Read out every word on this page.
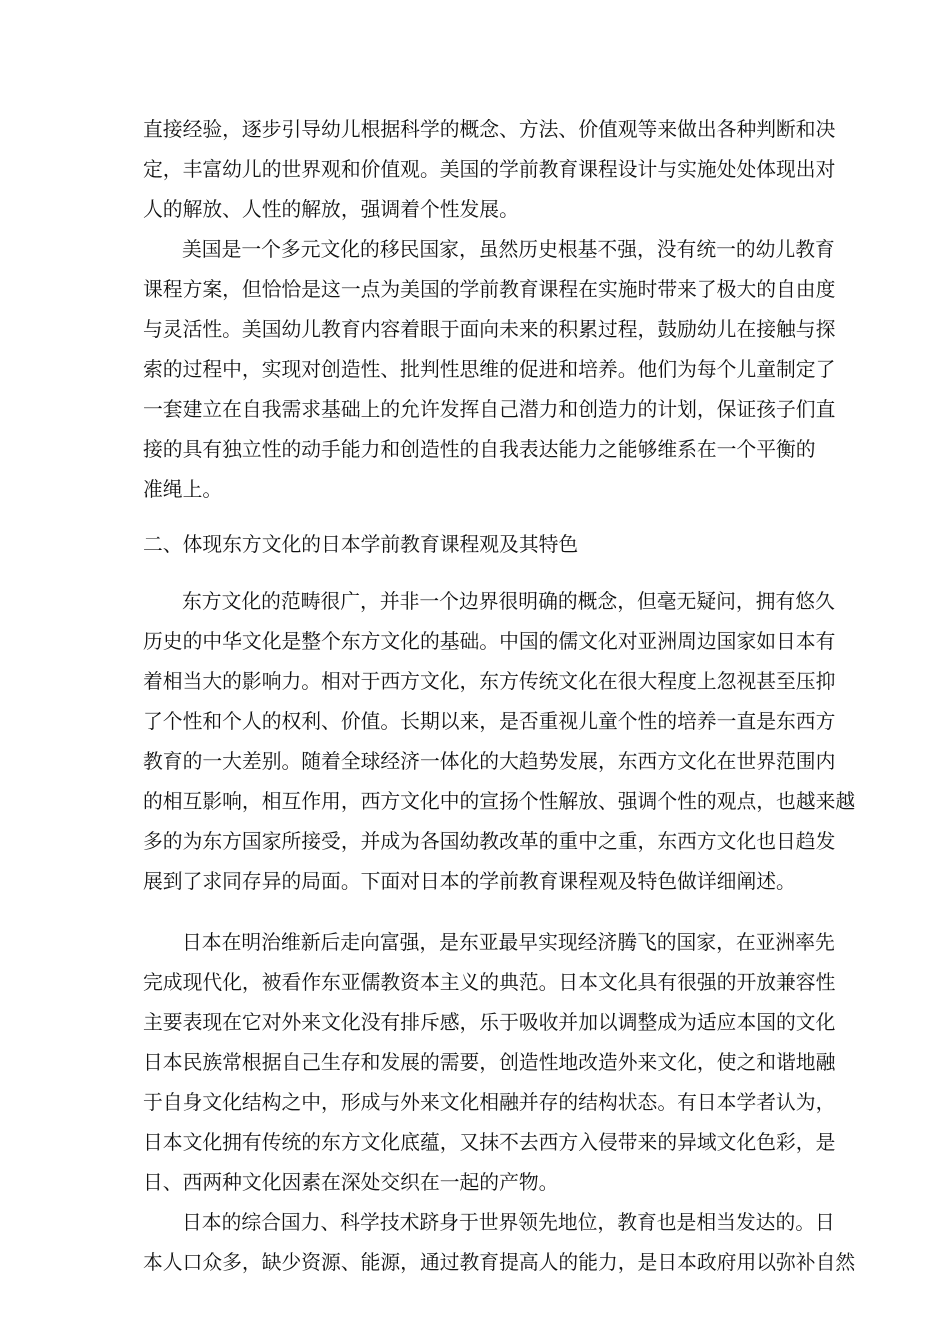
直接经验，逐步引导幼儿根据科学的概念、方法、价值观等来做出各种判断和决
定，丰富幼儿的世界观和价值观。美国的学前教育课程设计与实施处处体现出对
人的解放、人性的解放，强调着个性发展。
美国是一个多元文化的移民国家，虽然历史根基不强，没有统一的幼儿教育
课程方案，但恰恰是这一点为美国的学前教育课程在实施时带来了极大的自由度
与灵活性。美国幼儿教育内容着眼于面向未来的积累过程，鼓励幼儿在接触与探
索的过程中，实现对创造性、批判性思维的促进和培养。他们为每个儿童制定了
一套建立在自我需求基础上的允许发挥自己潜力和创造力的计划，保证孩子们直
接的具有独立性的动手能力和创造性的自我表达能力之能够维系在一个平衡的
准绳上。
二、体现东方文化的日本学前教育课程观及其特色
东方文化的范畴很广，并非一个边界很明确的概念，但毫无疑问，拥有悠久
历史的中华文化是整个东方文化的基础。中国的儒文化对亚洲周边国家如日本有
着相当大的影响力。相对于西方文化，东方传统文化在很大程度上忽视甚至压抑
了个性和个人的权利、价值。长期以来，是否重视儿童个性的培养一直是东西方
教育的一大差别。随着全球经济一体化的大趋势发展，东西方文化在世界范围内
的相互影响，相互作用，西方文化中的宣扬个性解放、强调个性的观点，也越来越
多的为东方国家所接受，并成为各国幼教改革的重中之重，东西方文化也日趋发
展到了求同存异的局面。下面对日本的学前教育课程观及特色做详细阐述。
日本在明治维新后走向富强，是东亚最早实现经济腾飞的国家，在亚洲率先
完成现代化，被看作东亚儒教资本主义的典范。日本文化具有很强的开放兼容性
主要表现在它对外来文化没有排斥感，乐于吸收并加以调整成为适应本国的文化
日本民族常根据自己生存和发展的需要，创造性地改造外来文化，使之和谐地融
于自身文化结构之中，形成与外来文化相融并存的结构状态。有日本学者认为，
日本文化拥有传统的东方文化底蕴，又抹不去西方入侵带来的异域文化色彩，是
日、西两种文化因素在深处交织在一起的产物。
日本的综合国力、科学技术跻身于世界领先地位，教育也是相当发达的。日
本人口众多，缺少资源、能源，通过教育提高人的能力，是日本政府用以弥补自然
